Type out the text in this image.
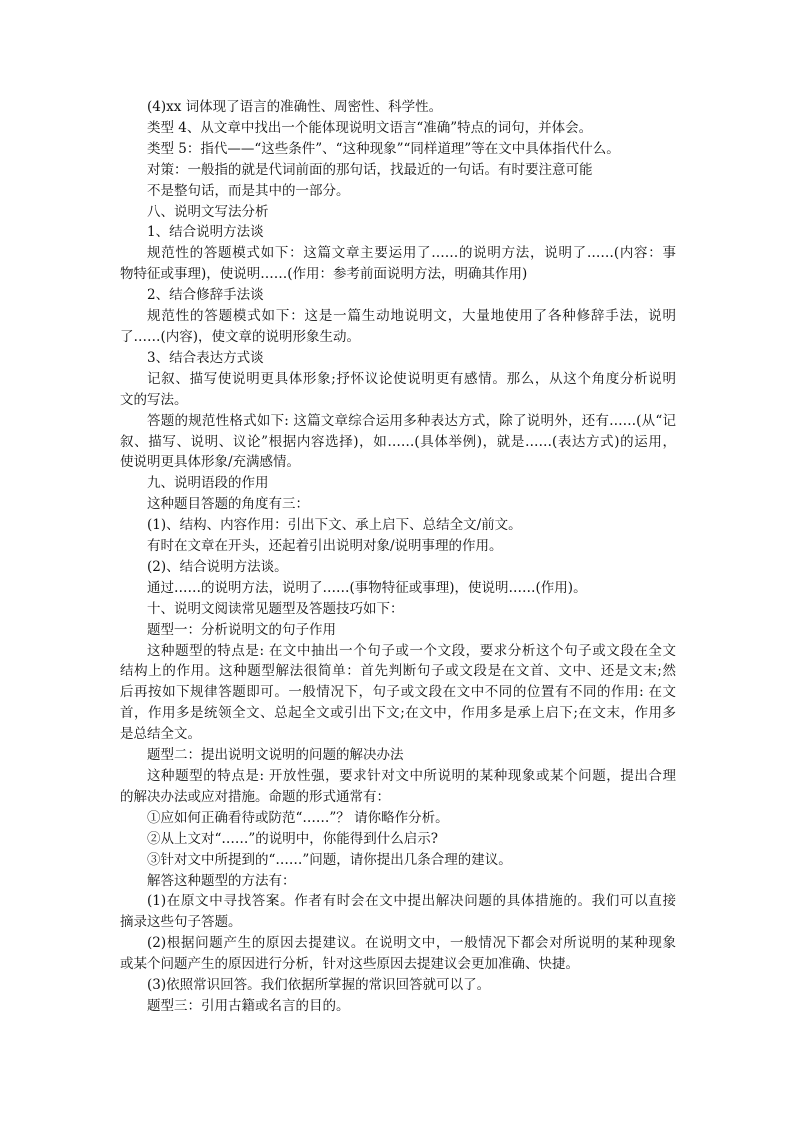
(4)xx 词体现了语言的准确性、周密性、科学性。
类型 4、从文章中找出一个能体现说明文语言“准确”特点的词句，并体会。
类型 5：指代——“这些条件”、“这种现象”“同样道理”等在文中具体指代什么。
对策：一般指的就是代词前面的那句话，找最近的一句话。有时要注意可能
不是整句话，而是其中的一部分。
八、说明文写法分析
1、结合说明方法谈
规范性的答题模式如下：这篇文章主要运用了……的说明方法，说明了……(内容：事
物特征或事理)，使说明……(作用：参考前面说明方法，明确其作用)
2、结合修辞手法谈
规范性的答题模式如下：这是一篇生动地说明文，大量地使用了各种修辞手法，说明
了……(内容)，使文章的说明形象生动。
3、结合表达方式谈
记叙、描写使说明更具体形象;抒怀议论使说明更有感情。那么，从这个角度分析说明
文的写法。
答题的规范性格式如下: 这篇文章综合运用多种表达方式，除了说明外，还有……(从“记
叙、描写、说明、议论”根据内容选择)，如……(具体举例)，就是……(表达方式)的运用，
使说明更具体形象/充满感情。
九、说明语段的作用
这种题目答题的角度有三：
(1)、结构、内容作用：引出下文、承上启下、总结全文/前文。
有时在文章在开头，还起着引出说明对象/说明事理的作用。
(2)、结合说明方法谈。
通过……的说明方法，说明了……(事物特征或事理)，使说明……(作用)。
十、说明文阅读常见题型及答题技巧如下：
题型一：分析说明文的句子作用
这种题型的特点是: 在文中抽出一个句子或一个文段，要求分析这个句子或文段在全文
结构上的作用。这种题型解法很简单：首先判断句子或文段是在文首、文中、还是文末;然
后再按如下规律答题即可。一般情况下，句子或文段在文中不同的位置有不同的作用: 在文
首，作用多是统领全文、总起全文或引出下文;在文中，作用多是承上启下;在文末，作用多
是总结全文。
题型二：提出说明文说明的问题的解决办法
这种题型的特点是: 开放性强，要求针对文中所说明的某种现象或某个问题，提出合理
的解决办法或应对措施。命题的形式通常有：
①应如何正确看待或防范“……”？ 请你略作分析。
②从上文对“……”的说明中，你能得到什么启示?
③针对文中所提到的“……”问题，请你提出几条合理的建议。
解答这种题型的方法有：
(1)在原文中寻找答案。作者有时会在文中提出解决问题的具体措施的。我们可以直接
摘录这些句子答题。
(2)根据问题产生的原因去提建议。在说明文中，一般情况下都会对所说明的某种现象
或某个问题产生的原因进行分析，针对这些原因去提建议会更加准确、快捷。
(3)依照常识回答。我们依据所掌握的常识回答就可以了。
题型三：引用古籍或名言的目的。
